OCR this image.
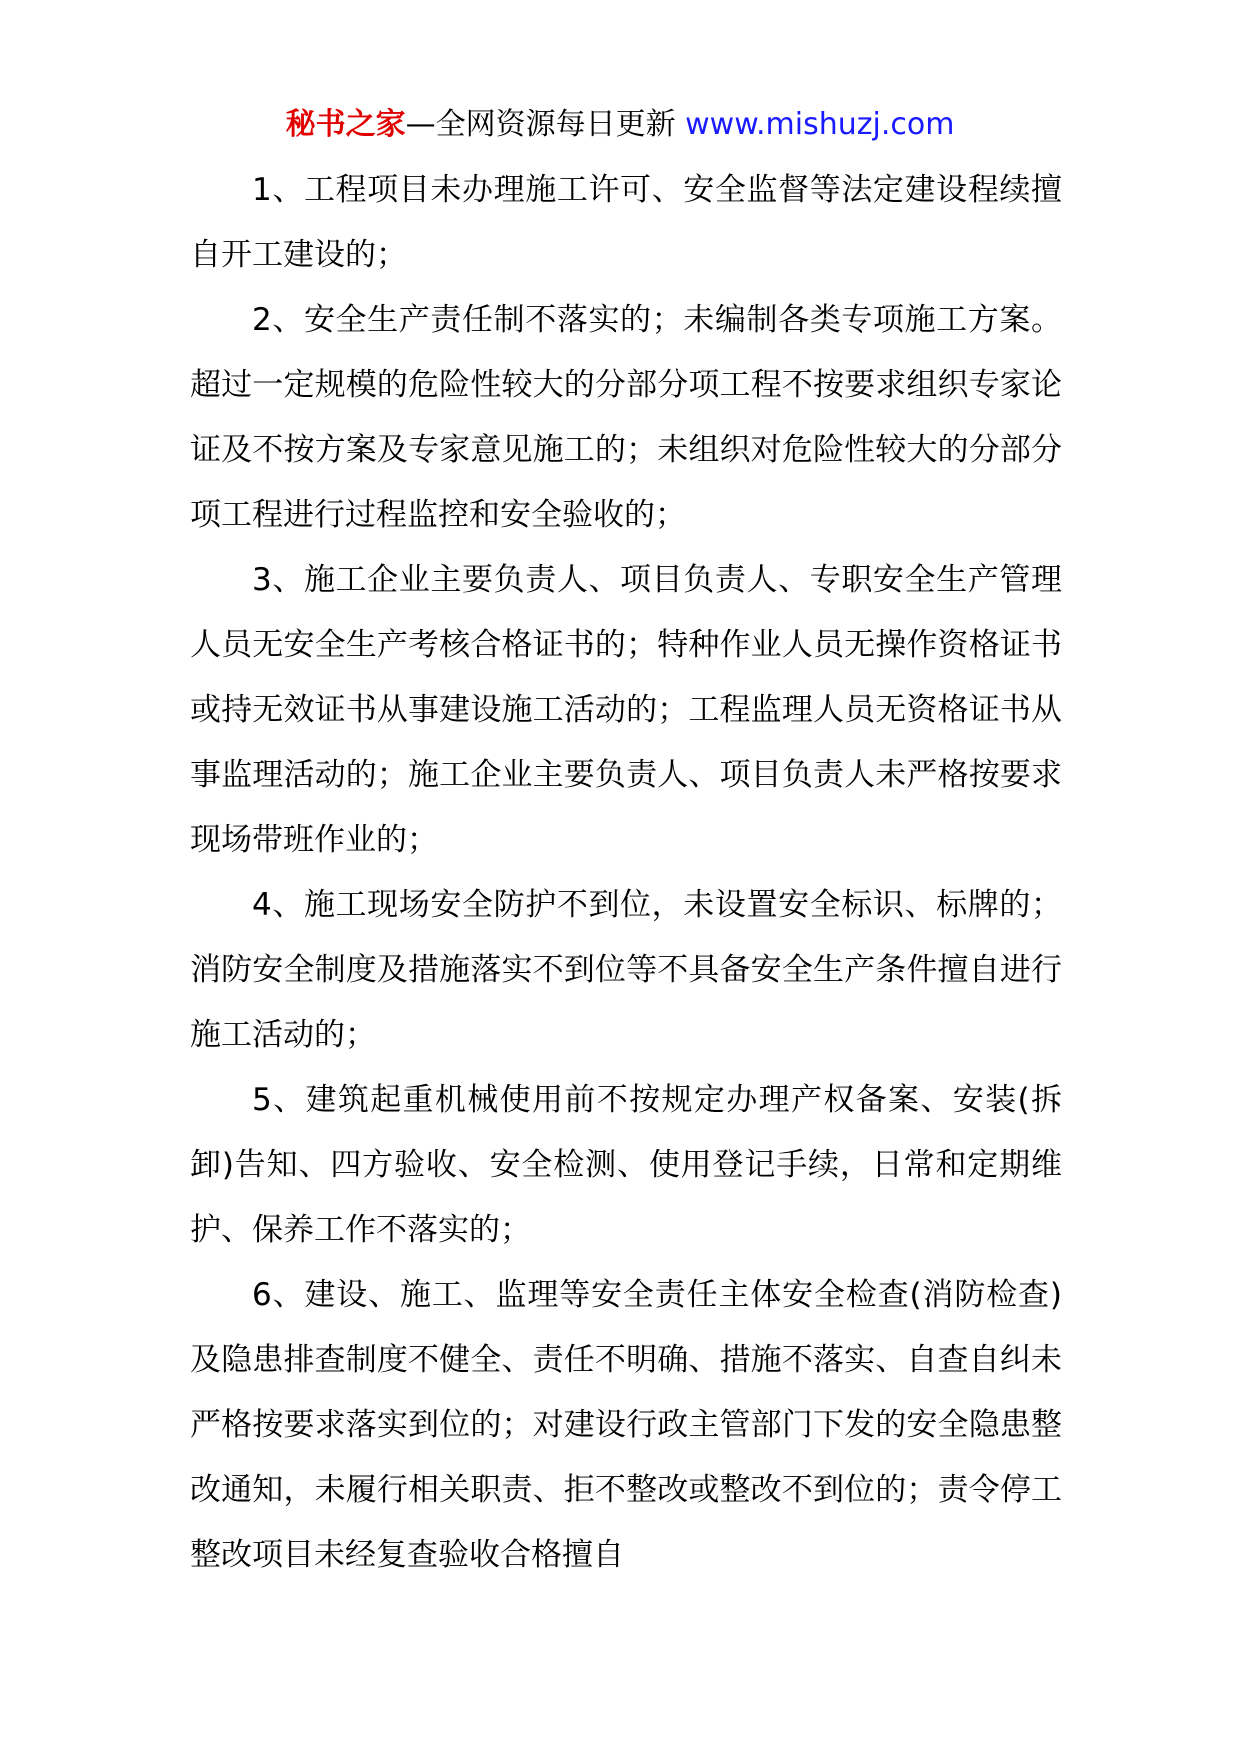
秘书之家—全网资源每日更新 www.mishuzj.com

1、工程项目未办理施工许可、安全监督等法定建设程续擅自开工建设的；

2、安全生产责任制不落实的；未编制各类专项施工方案。超过一定规模的危险性较大的分部分项工程不按要求组织专家论证及不按方案及专家意见施工的；未组织对危险性较大的分部分项工程进行过程监控和安全验收的；

3、施工企业主要负责人、项目负责人、专职安全生产管理人员无安全生产考核合格证书的；特种作业人员无操作资格证书或持无效证书从事建设施工活动的；工程监理人员无资格证书从事监理活动的；施工企业主要负责人、项目负责人未严格按要求现场带班作业的；

4、施工现场安全防护不到位，未设置安全标识、标牌的；消防安全制度及措施落实不到位等不具备安全生产条件擅自进行施工活动的；

5、建筑起重机械使用前不按规定办理产权备案、安装(拆卸)告知、四方验收、安全检测、使用登记手续，日常和定期维护、保养工作不落实的；

6、建设、施工、监理等安全责任主体安全检查(消防检查)及隐患排查制度不健全、责任不明确、措施不落实、自查自纠未严格按要求落实到位的；对建设行政主管部门下发的安全隐患整改通知，未履行相关职责、拒不整改或整改不到位的；责令停工整改项目未经复查验收合格擅自
